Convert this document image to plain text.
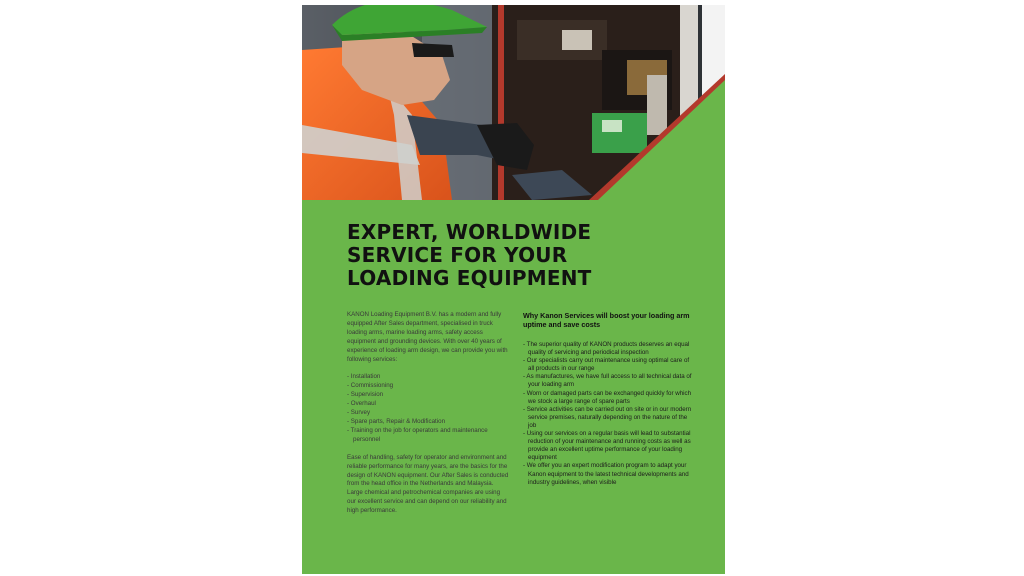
EXPERT, WORLDWIDE
SERVICE FOR YOUR
LOADING EQUIPMENT

KANON Loading Equipment B.V. has a modern and fully equipped After Sales department, specialised in truck loading arms, marine loading arms, safety access equipment and grounding devices. With over 40 years of experience of loading arm design, we can provide you with following services:

- Installation
- Commissioning
- Supervision
- Overhaul
- Survey
- Spare parts, Repair & Modification
- Training on the job for operators and maintenance personnel

Ease of handling, safety for operator and environment and reliable performance for many years, are the basics for the design of KANON equipment. Our After Sales is conducted from the head office in the Netherlands and Malaysia. Large chemical and petrochemical companies are using our excellent service and can depend on our reliability and high performance.

Why Kanon Services will boost your loading arm uptime and save costs
- The superior quality of KANON products deserves an equal quality of servicing and periodical inspection
- Our specialists carry out maintenance using optimal care of all products in our range
- As manufactures, we have full access to all technical data of your loading arm
- Worn or damaged parts can be exchanged quickly for which we stock a large range of spare parts
- Service activities can be carried out on site or in our modern service premises, naturally depending on the nature of the job
- Using our services on a regular basis will lead to substantial reduction of your maintenance and running costs as well as provide an excellent uptime performance of your loading equipment
- We offer you an expert modification program to adapt your Kanon equipment to the latest technical developments and industry guidelines, when visible
